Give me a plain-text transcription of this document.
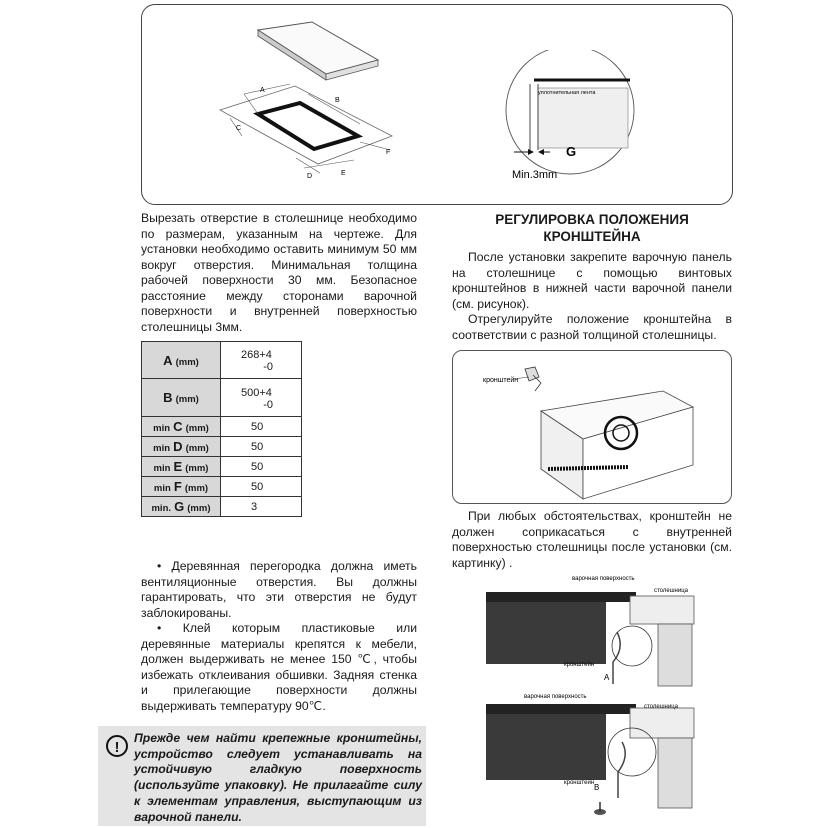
A
B
C
D	E
F
уплотнительная лента
G
Min.3mm

Вырезать отверстие в столешнице необходимо по размерам, указанным на чертеже. Для установки необходимо оставить минимум 50 мм вокруг отверстия. Минимальная толщина рабочей поверхности 30 мм. Безопасное расстояние между сторонами варочной поверхности и внутренней поверхностью столешницы 3мм.

A (mm)	268+4
-0

B (mm)	500+4
-0

min C (mm)	50

min D (mm)	50

min E (mm)	50

min F (mm)	50

min. G (mm)	3

• Деревянная перегородка должна иметь вентиляционные отверстия. Вы должны гарантировать, что эти отверстия не будут заблокированы.

• Клей которым пластиковые или деревянные материалы крепятся к мебели, должен выдерживать не менее 150 ℃, чтобы избежать отклеивания обшивки. Задняя стенка и прилегающие поверхности должны выдерживать температуру 90℃.

!

Прежде чем найти крепежные кронштейны, устройство следует устанавливать на устойчивую гладкую поверхность (используйте упаковку). Не прилагайте силу к элементам управления, выступающим из варочной панели.

РЕГУЛИРОВКА ПОЛОЖЕНИЯ
КРОНШТЕЙНА

После установки закрепите варочную панель на столешнице с помощью винтовых кронштейнов в нижней части варочной панели (см. рисунок).

Отрегулируйте положение кронштейна в соответствии с разной толщиной столешницы.

кронштейн

При любых обстоятельствах, кронштейн не должен соприкасаться с внутренней поверхностью столешницы после установки (см. картинку) .

варочная поверхность
столешница
кронштейн
A
варочная поверхность
столешница
кронштейн B
